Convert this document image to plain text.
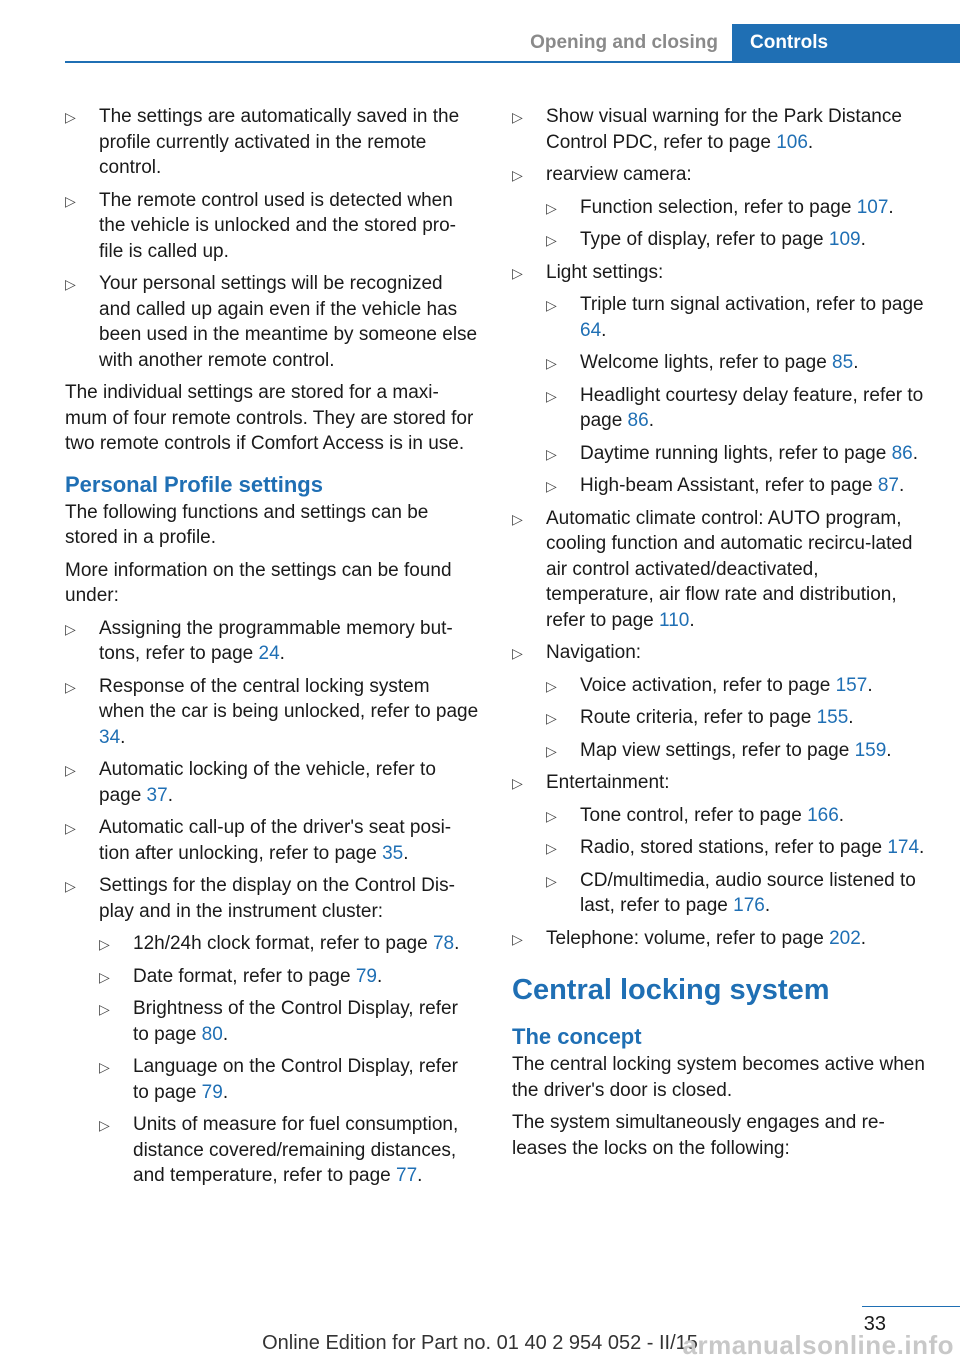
Opening and closing	Controls
▷ The settings are automatically saved in the profile currently activated in the remote control.
▷ The remote control used is detected when the vehicle is unlocked and the stored pro-file is called up.
▷ Your personal settings will be recognized and called up again even if the vehicle has been used in the meantime by someone else with another remote control.

The individual settings are stored for a maxi-mum of four remote controls. They are stored for two remote controls if Comfort Access is in use.

Personal Profile settings

The following functions and settings can be stored in a profile.

More information on the settings can be found under:

▷ Assigning the programmable memory but-tons, refer to page 24.
▷ Response of the central locking system when the car is being unlocked, refer to page 34.
▷ Automatic locking of the vehicle, refer to page 37.
▷ Automatic call-up of the driver's seat posi-tion after unlocking, refer to page 35.
▷ Settings for the display on the Control Dis-play and in the instrument cluster:
▷ 12h/24h clock format, refer to page 78.
▷ Date format, refer to page 79.
▷ Brightness of the Control Display, refer to page 80.
▷ Language on the Control Display, refer to page 79.
▷ Units of measure for fuel consumption, distance covered/remaining distances, and temperature, refer to page 77.
▷ Show visual warning for the Park Distance Control PDC, refer to page 106.
▷ rearview camera:
▷ Function selection, refer to page 107.
▷ Type of display, refer to page 109.
▷ Light settings:
▷ Triple turn signal activation, refer to page 64.
▷ Welcome lights, refer to page 85.
▷ Headlight courtesy delay feature, refer to page 86.
▷ Daytime running lights, refer to page 86.
▷ High-beam Assistant, refer to page 87.
▷ Automatic climate control: AUTO program, cooling function and automatic recircu-lated air control activated/deactivated, temperature, air flow rate and distribution, refer to page 110.
▷ Navigation:
▷ Voice activation, refer to page 157.
▷ Route criteria, refer to page 155.
▷ Map view settings, refer to page 159.
▷ Entertainment:
▷ Tone control, refer to page 166.
▷ Radio, stored stations, refer to page 174.
▷ CD/multimedia, audio source listened to last, refer to page 176.
▷ Telephone: volume, refer to page 202.
Central locking system
The concept

The central locking system becomes active when the driver's door is closed.

The system simultaneously engages and re-leases the locks on the following:

33
Online Edition for Part no. 01 40 2 954 052 - II/15
armanualsonline.info
